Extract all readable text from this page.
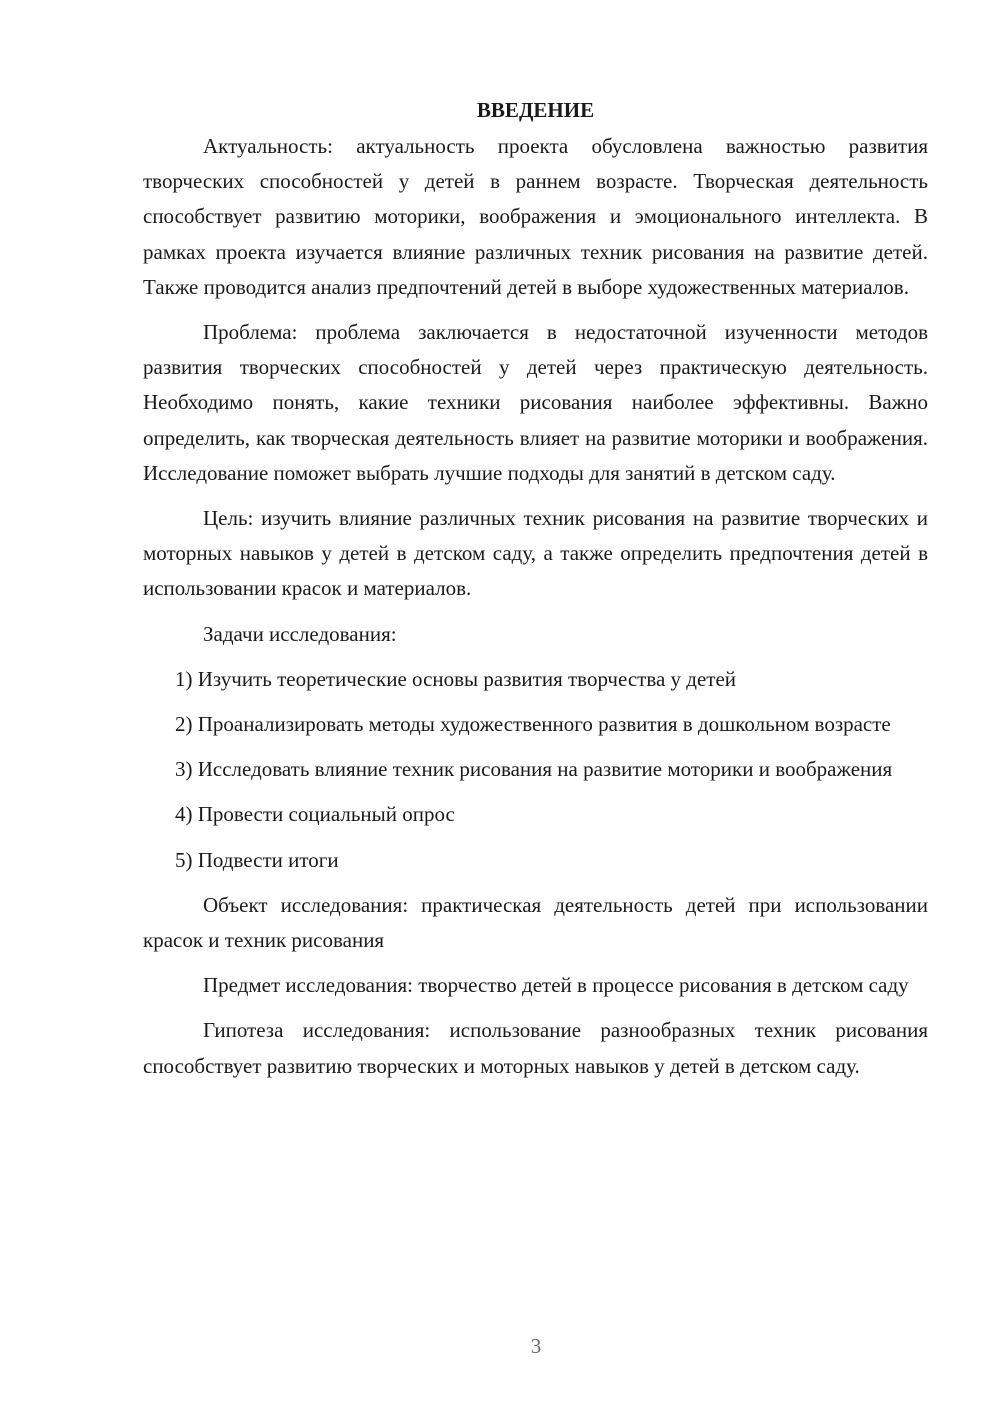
ВВЕДЕНИЕ

Актуальность: актуальность проекта обусловлена важностью развития творческих способностей у детей в раннем возрасте. Творческая деятельность способствует развитию моторики, воображения и эмоционального интеллекта. В рамках проекта изучается влияние различных техник рисования на развитие детей. Также проводится анализ предпочтений детей в выборе художественных материалов.

Проблема: проблема заключается в недостаточной изученности методов развития творческих способностей у детей через практическую деятельность. Необходимо понять, какие техники рисования наиболее эффективны. Важно определить, как творческая деятельность влияет на развитие моторики и воображения. Исследование поможет выбрать лучшие подходы для занятий в детском саду.

Цель: изучить влияние различных техник рисования на развитие творческих и моторных навыков у детей в детском саду, а также определить предпочтения детей в использовании красок и материалов.

Задачи исследования:

1) Изучить теоретические основы развития творчества у детей

2) Проанализировать методы художественного развития в дошкольном возрасте

3) Исследовать влияние техник рисования на развитие моторики и воображения

4) Провести социальный опрос

5) Подвести итоги

Объект исследования: практическая деятельность детей при использовании красок и техник рисования

Предмет исследования: творчество детей в процессе рисования в детском саду

Гипотеза исследования: использование разнообразных техник рисования способствует развитию творческих и моторных навыков у детей в детском саду.

3
